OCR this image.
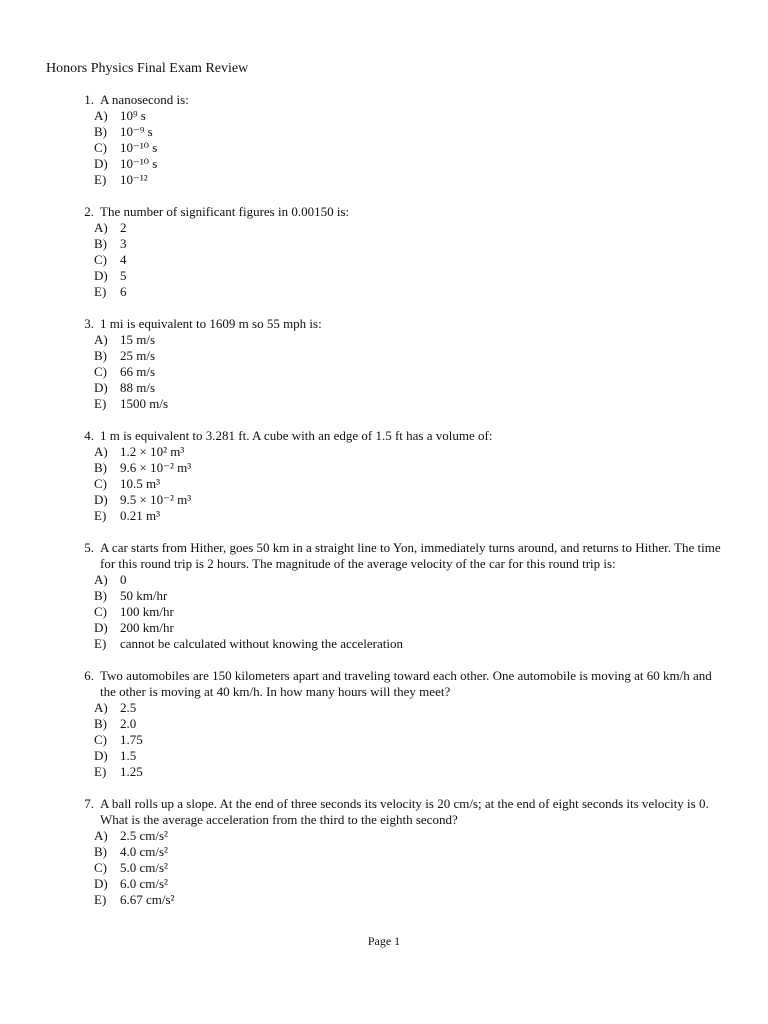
Honors Physics Final Exam Review
1. A nanosecond is:
A) 10⁹ s
B)	10⁻⁹ s
C)	10⁻¹⁰ s
D) 10⁻¹⁰ s
E)	10⁻¹²
2. The number of significant figures in 0.00150 is:
A) 2
B)	3
C)	4
D) 5
E)	6
3. 1 mi is equivalent to 1609 m so 55 mph is:
A) 15 m/s
B)	25 m/s
C)	66 m/s
D) 88 m/s
E)	1500 m/s
4. 1 m is equivalent to 3.281 ft. A cube with an edge of 1.5 ft has a volume of:
A) 1.2 × 10² m³
B)	9.6 × 10⁻² m³
C)	10.5 m³
D) 9.5 × 10⁻² m³
E)	0.21 m³
5. A car starts from Hither, goes 50 km in a straight line to Yon, immediately turns around, and returns to Hither. The time for this round trip is 2 hours. The magnitude of the average velocity of the car for this round trip is:
A) 0
B)	50 km/hr
C)	100 km/hr
D) 200 km/hr
E)	cannot be calculated without knowing the acceleration
6. Two automobiles are 150 kilometers apart and traveling toward each other. One automobile is moving at 60 km/h and the other is moving at 40 km/h. In how many hours will they meet?
A) 2.5
B)	2.0
C)	1.75
D) 1.5
E)	1.25
7. A ball rolls up a slope. At the end of three seconds its velocity is 20 cm/s; at the end of eight seconds its velocity is 0. What is the average acceleration from the third to the eighth second?
A) 2.5 cm/s²
B)	4.0 cm/s²
C)	5.0 cm/s²
D) 6.0 cm/s²
E)	6.67 cm/s²
Page 1
